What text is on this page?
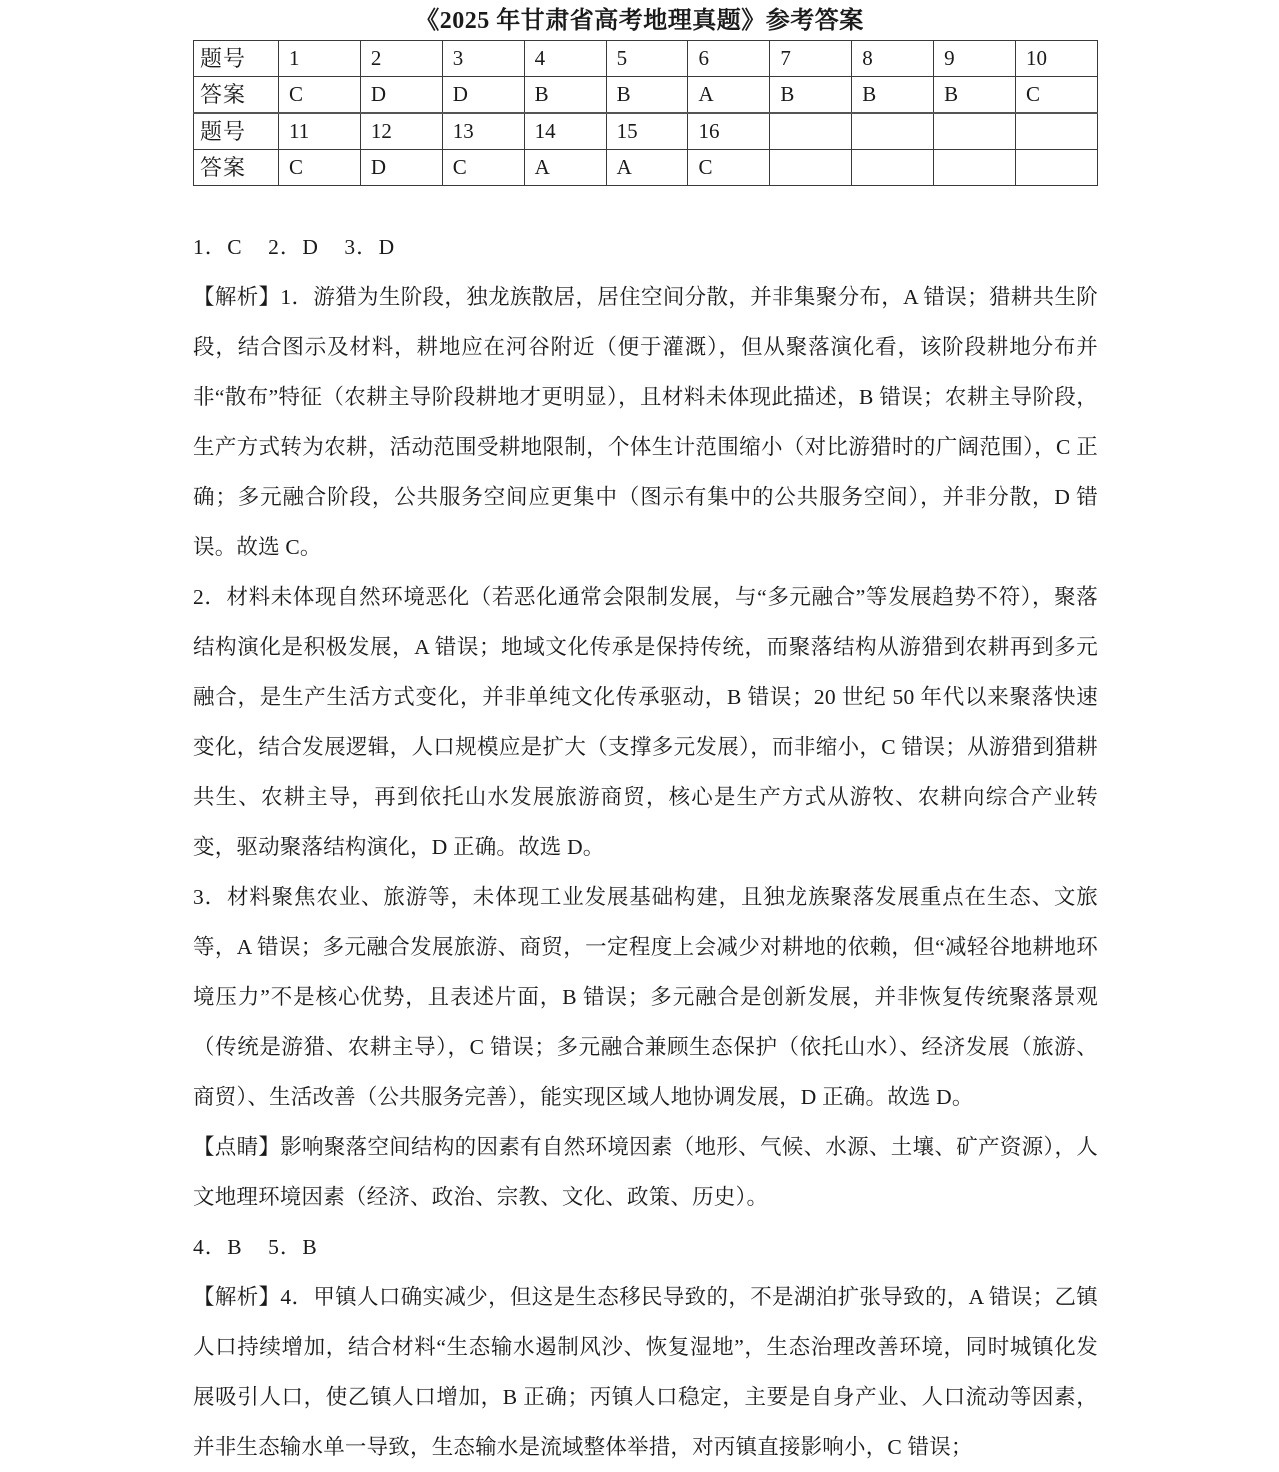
《2025 年甘肃省高考地理真题》参考答案
题号	1	2	3	4	5	6	7	8	9	10
答案	C	D	D	B	B	A	B	B	B	C
题号	11	12	13	14	15	16				
答案	C	D	C	A	A	C				

1．C    2．D    3．D

【解析】1．游猎为生阶段，独龙族散居，居住空间分散，并非集聚分布，A 错误；猎耕共生阶段，结合图示及材料，耕地应在河谷附近（便于灌溉），但从聚落演化看，该阶段耕地分布并非“散布”特征（农耕主导阶段耕地才更明显），且材料未体现此描述，B 错误；农耕主导阶段，生产方式转为农耕，活动范围受耕地限制，个体生计范围缩小（对比游猎时的广阔范围），C 正确；多元融合阶段，公共服务空间应更集中（图示有集中的公共服务空间），并非分散，D 错误。故选 C。

2．材料未体现自然环境恶化（若恶化通常会限制发展，与“多元融合”等发展趋势不符），聚落结构演化是积极发展，A 错误；地域文化传承是保持传统，而聚落结构从游猎到农耕再到多元融合，是生产生活方式变化，并非单纯文化传承驱动，B 错误；20 世纪 50 年代以来聚落快速变化，结合发展逻辑，人口规模应是扩大（支撑多元发展），而非缩小，C 错误；从游猎到猎耕共生、农耕主导，再到依托山水发展旅游商贸，核心是生产方式从游牧、农耕向综合产业转变，驱动聚落结构演化，D 正确。故选 D。

3．材料聚焦农业、旅游等，未体现工业发展基础构建，且独龙族聚落发展重点在生态、文旅等，A 错误；多元融合发展旅游、商贸，一定程度上会减少对耕地的依赖，但“减轻谷地耕地环境压力”不是核心优势，且表述片面，B 错误；多元融合是创新发展，并非恢复传统聚落景观（传统是游猎、农耕主导），C 错误；多元融合兼顾生态保护（依托山水）、经济发展（旅游、商贸）、生活改善（公共服务完善），能实现区域人地协调发展，D 正确。故选 D。

【点睛】影响聚落空间结构的因素有自然环境因素（地形、气候、水源、土壤、矿产资源），人文地理环境因素（经济、政治、宗教、文化、政策、历史）。

4．B    5．B

【解析】4．甲镇人口确实减少，但这是生态移民导致的，不是湖泊扩张导致的，A 错误；乙镇人口持续增加，结合材料“生态输水遏制风沙、恢复湿地”，生态治理改善环境，同时城镇化发展吸引人口，使乙镇人口增加，B 正确；丙镇人口稳定，主要是自身产业、人口流动等因素，并非生态输水单一导致，生态输水是流域整体举措，对丙镇直接影响小，C 错误；
